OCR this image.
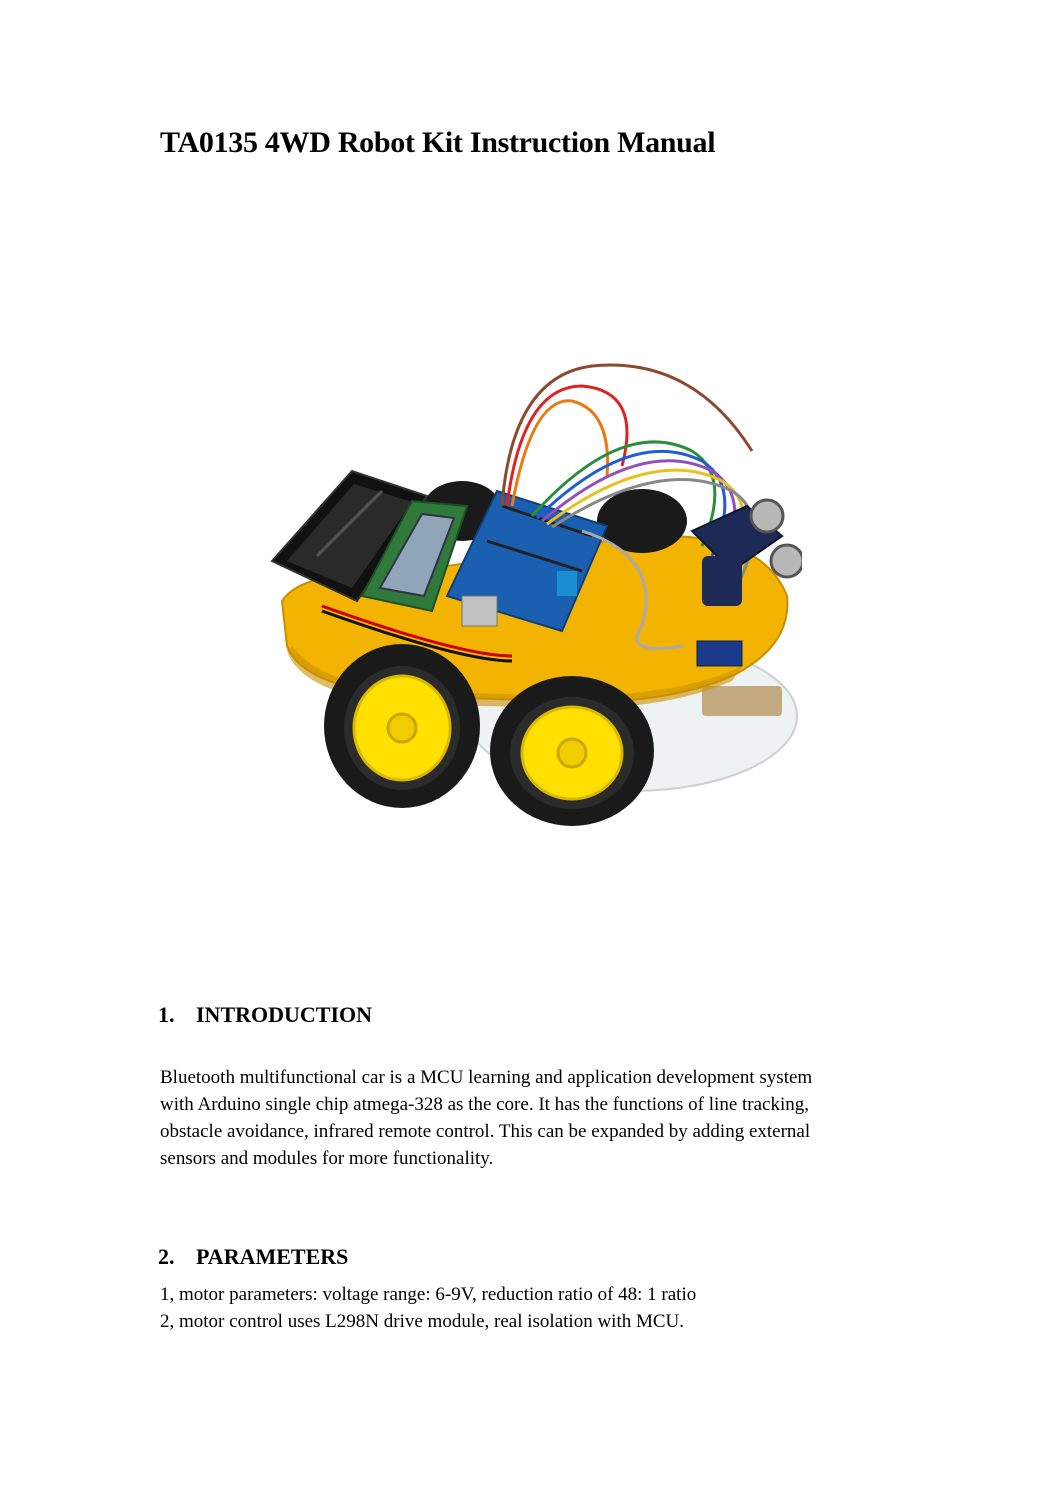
TA0135 4WD Robot Kit Instruction Manual
1. INTRODUCTION
Bluetooth multifunctional car is a MCU learning and application development system
with Arduino single chip atmega-328 as the core. It has the functions of line tracking,
obstacle avoidance, infrared remote control. This can be expanded by adding external
sensors and modules for more functionality.
2. PARAMETERS
1, motor parameters: voltage range: 6-9V, reduction ratio of 48: 1 ratio
2, motor control uses L298N drive module, real isolation with MCU.
